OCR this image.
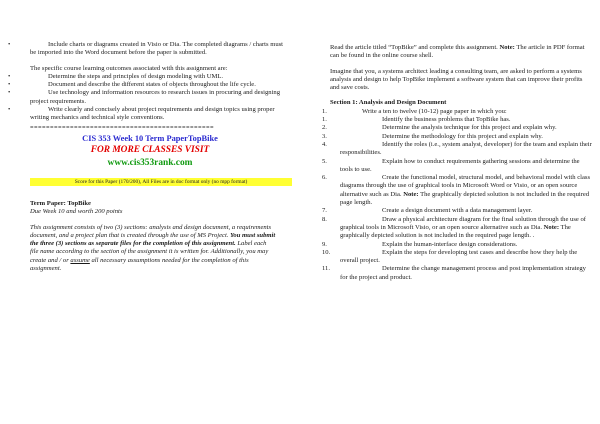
•	Include charts or diagrams created in Visio or Dia. The completed diagrams / charts must be imported into the Word document before the paper is submitted.

The specific course learning outcomes associated with this assignment are:

•	Determine the steps and principles of design modeling with UML.
•	Document and describe the different states of objects throughout the life cycle.
•	Use technology and information resources to research issues in procuring and designing project requirements.
•	Write clearly and concisely about project requirements and design topics using proper writing mechanics and technical style conventions.
==============================================
CIS 353 Week 10 Term PaperTopBike
FOR MORE CLASSES VISIT
www.cis353rank.com
Score for this Paper (170/200), All Files are in doc format only (no mpp format)

Term Paper: TopBike

Due Week 10 and worth 200 points

This assignment consists of two (3) sections: analysis and design document, a requirements document, and a project plan that is created through the use of MS Project. You must submit the three (3) sections as separate files for the completion of this assignment. Label each file name according to the section of the assignment it is written for. Additionally, you may create and / or assume all necessary assumptions needed for the completion of this assignment.

Read the article titled “TopBike” and complete this assignment. Note: The article in PDF format can be found in the online course shell.

Imagine that you, a systems architect leading a consulting team, are asked to perform a systems analysis and design to help TopBike implement a software system that can improve their profits and save costs.

Section 1: Analysis and Design Document

1.	Write a ten to twelve (10-12) page paper in which you:
1.	Identify the business problems that TopBike has.
2.	Determine the analysis technique for this project and explain why.
3.	Determine the methodology for this project and explain why.
4.	Identify the roles (i.e., system analyst, developer) for the team and explain their responsibilities.
5.	Explain how to conduct requirements gathering sessions and determine the tools to use.
6.	Create the functional model, structural model, and behavioral model with class diagrams through the use of graphical tools in Microsoft Word or Visio, or an open source alternative such as Dia. Note: The graphically depicted solution is not included in the required page length.
7.	Create a design document with a data management layer.
8.	Draw a physical architecture diagram for the final solution through the use of graphical tools in Microsoft Visio, or an open source alternative such as Dia. Note: The graphically depicted solution is not included in the required page length. .
9.	Explain the human-interface design considerations.
10.	Explain the steps for developing test cases and describe how they help the overall project.
11.	Determine the change management process and post implementation strategy for the project and product.
